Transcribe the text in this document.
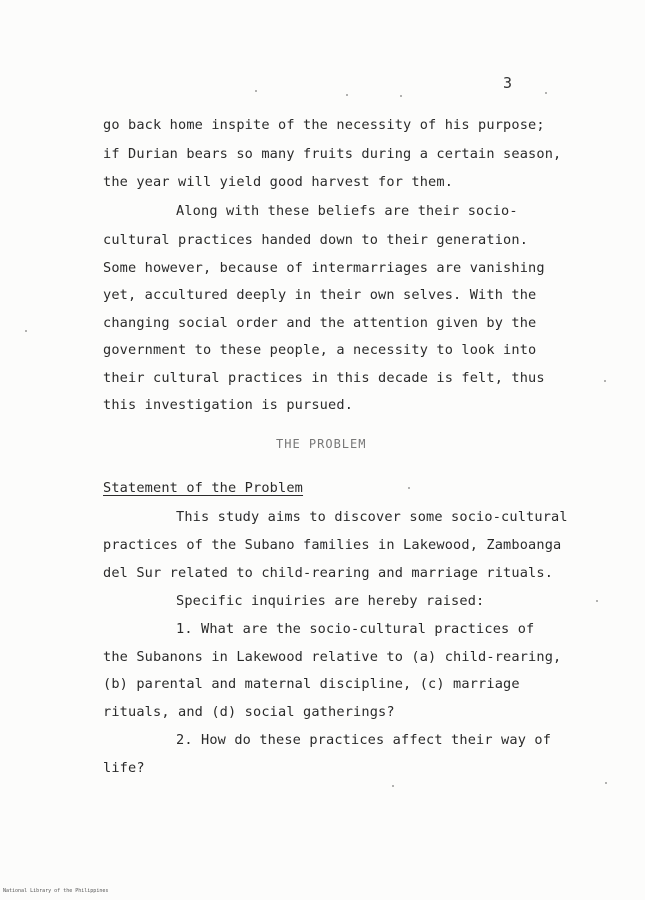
3
go back home inspite of the necessity of his purpose;
if Durian bears so many fruits during a certain season,
the year will yield good harvest for them.
Along with these beliefs are their socio-
cultural practices handed down to their generation.
Some however, because of intermarriages are vanishing
yet, accultured deeply in their own selves. With the
changing social order and the attention given by the
government to these people, a necessity to look into
their cultural practices in this decade is felt, thus
this investigation is pursued.
THE PROBLEM
Statement of the Problem
This study aims to discover some socio-cultural
practices of the Subano families in Lakewood, Zamboanga
del Sur related to child-rearing and marriage rituals.
Specific inquiries are hereby raised:
1. What are the socio-cultural practices of
the Subanons in Lakewood relative to (a) child-rearing,
(b) parental and maternal discipline, (c) marriage
rituals, and (d) social gatherings?
2. How do these practices affect their way of
life?
National Library of the Philippines
